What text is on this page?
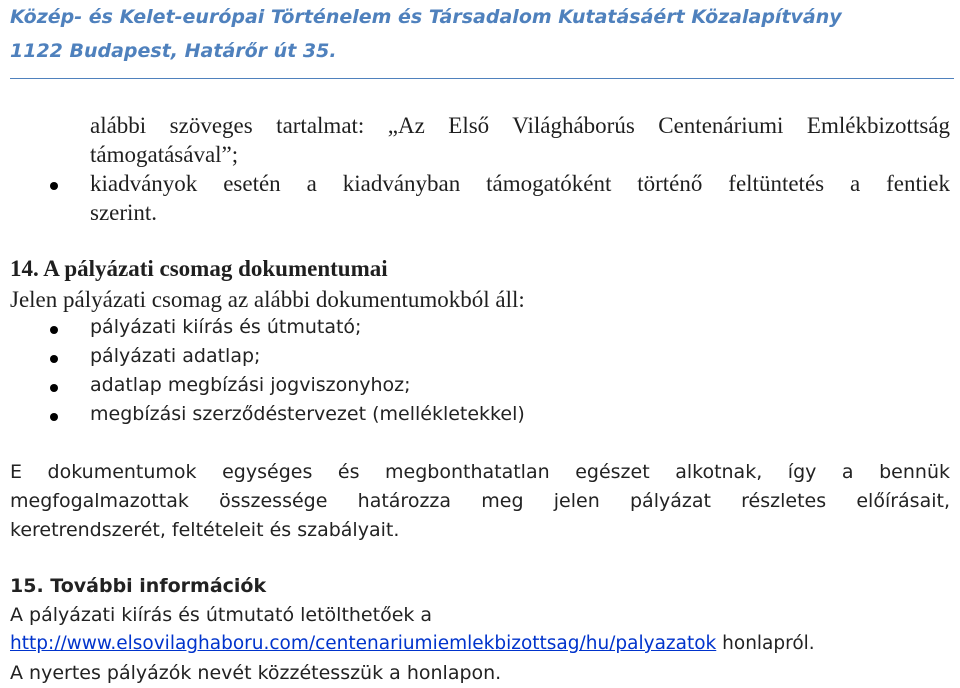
Közép- és Kelet-európai Történelem és Társadalom Kutatásáért Közalapítvány
1122 Budapest, Határőr út 35.
alábbi szöveges tartalmat: „Az Első Világháborús Centenáriumi Emlékbizottság
támogatásával”;
kiadványok esetén a kiadványban támogatóként történő feltüntetés a fentiek
szerint.
14. A pályázati csomag dokumentumai
Jelen pályázati csomag az alábbi dokumentumokból áll:
pályázati kiírás és útmutató;
pályázati adatlap;
adatlap megbízási jogviszonyhoz;
megbízási szerződéstervezet (mellékletekkel)
E dokumentumok egységes és megbonthatatlan egészet alkotnak, így a bennük
megfogalmazottak összessége határozza meg jelen pályázat részletes előírásait,
keretrendszerét, feltételeit és szabályait.
15. További információk
A pályázati kiírás és útmutató letölthetőek a
http://www.elsovilaghaboru.com/centenariumiemlekbizottsag/hu/palyazatok honlapról.
A nyertes pályázók nevét közzétesszük a honlapon.
